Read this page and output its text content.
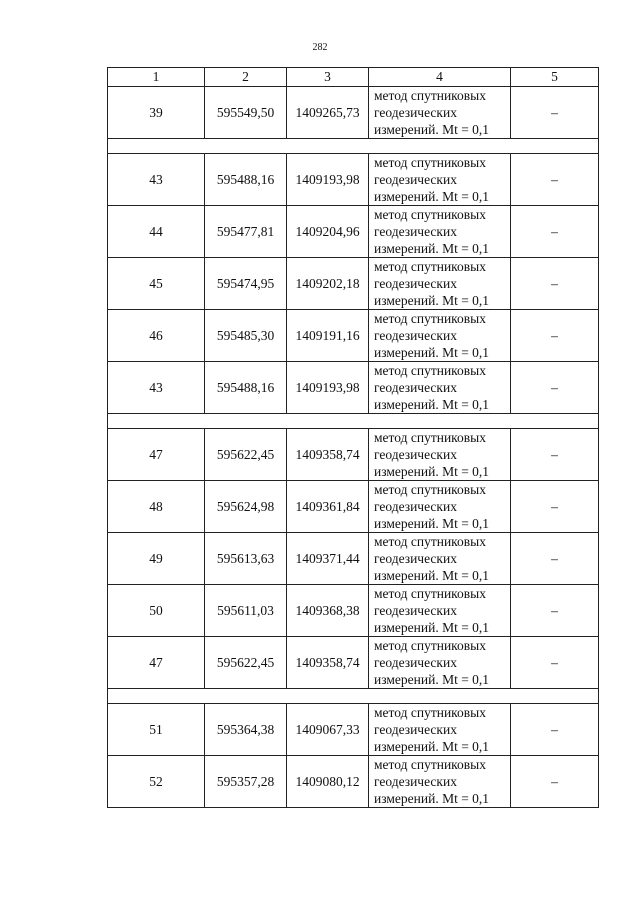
282
1	2	3	4	5
39	595549,50	1409265,73	метод спутниковых
геодезических
измерений. Mt = 0,1	–

43	595488,16	1409193,98	метод спутниковых
геодезических
измерений. Mt = 0,1	–
44	595477,81	1409204,96	метод спутниковых
геодезических
измерений. Mt = 0,1	–
45	595474,95	1409202,18	метод спутниковых
геодезических
измерений. Mt = 0,1	–
46	595485,30	1409191,16	метод спутниковых
геодезических
измерений. Mt = 0,1	–
43	595488,16	1409193,98	метод спутниковых
геодезических
измерений. Mt = 0,1	–

47	595622,45	1409358,74	метод спутниковых
геодезических
измерений. Mt = 0,1	–
48	595624,98	1409361,84	метод спутниковых
геодезических
измерений. Mt = 0,1	–
49	595613,63	1409371,44	метод спутниковых
геодезических
измерений. Mt = 0,1	–
50	595611,03	1409368,38	метод спутниковых
геодезических
измерений. Mt = 0,1	–
47	595622,45	1409358,74	метод спутниковых
геодезических
измерений. Mt = 0,1	–

51	595364,38	1409067,33	метод спутниковых
геодезических
измерений. Mt = 0,1	–
52	595357,28	1409080,12	метод спутниковых
геодезических
измерений. Mt = 0,1	–
